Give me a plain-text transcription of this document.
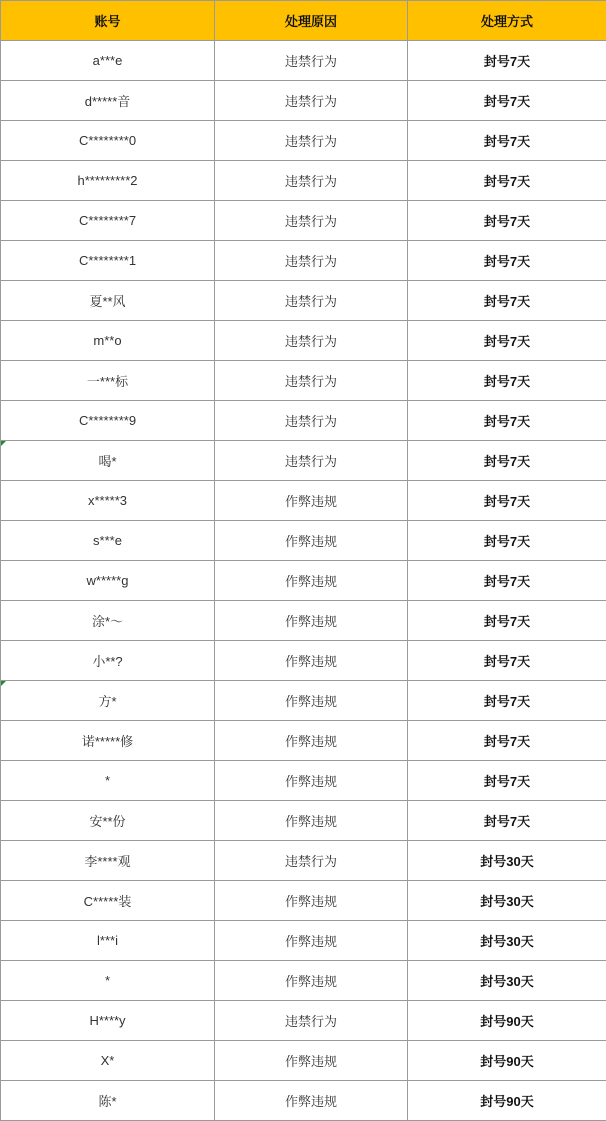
账号	处理原因	处理方式
a***e	违禁行为	封号7天
d*****音	违禁行为	封号7天
C********0	违禁行为	封号7天
h*********2	违禁行为	封号7天
C********7	违禁行为	封号7天
C********1	违禁行为	封号7天
夏**风	违禁行为	封号7天
m**o	违禁行为	封号7天
一***标	违禁行为	封号7天
C********9	违禁行为	封号7天
喝*	违禁行为	封号7天
x*****3	作弊违规	封号7天
s***e	作弊违规	封号7天
w*****g	作弊违规	封号7天
涂*～	作弊违规	封号7天
小**?	作弊违规	封号7天
方*	作弊违规	封号7天
诺*****修	作弊违规	封号7天
*	作弊违规	封号7天
安**份	作弊违规	封号7天
李****观	违禁行为	封号30天
C*****装	作弊违规	封号30天
l***i	作弊违规	封号30天
*	作弊违规	封号30天
H****y	违禁行为	封号90天
X*	作弊违规	封号90天
陈*	作弊违规	封号90天
